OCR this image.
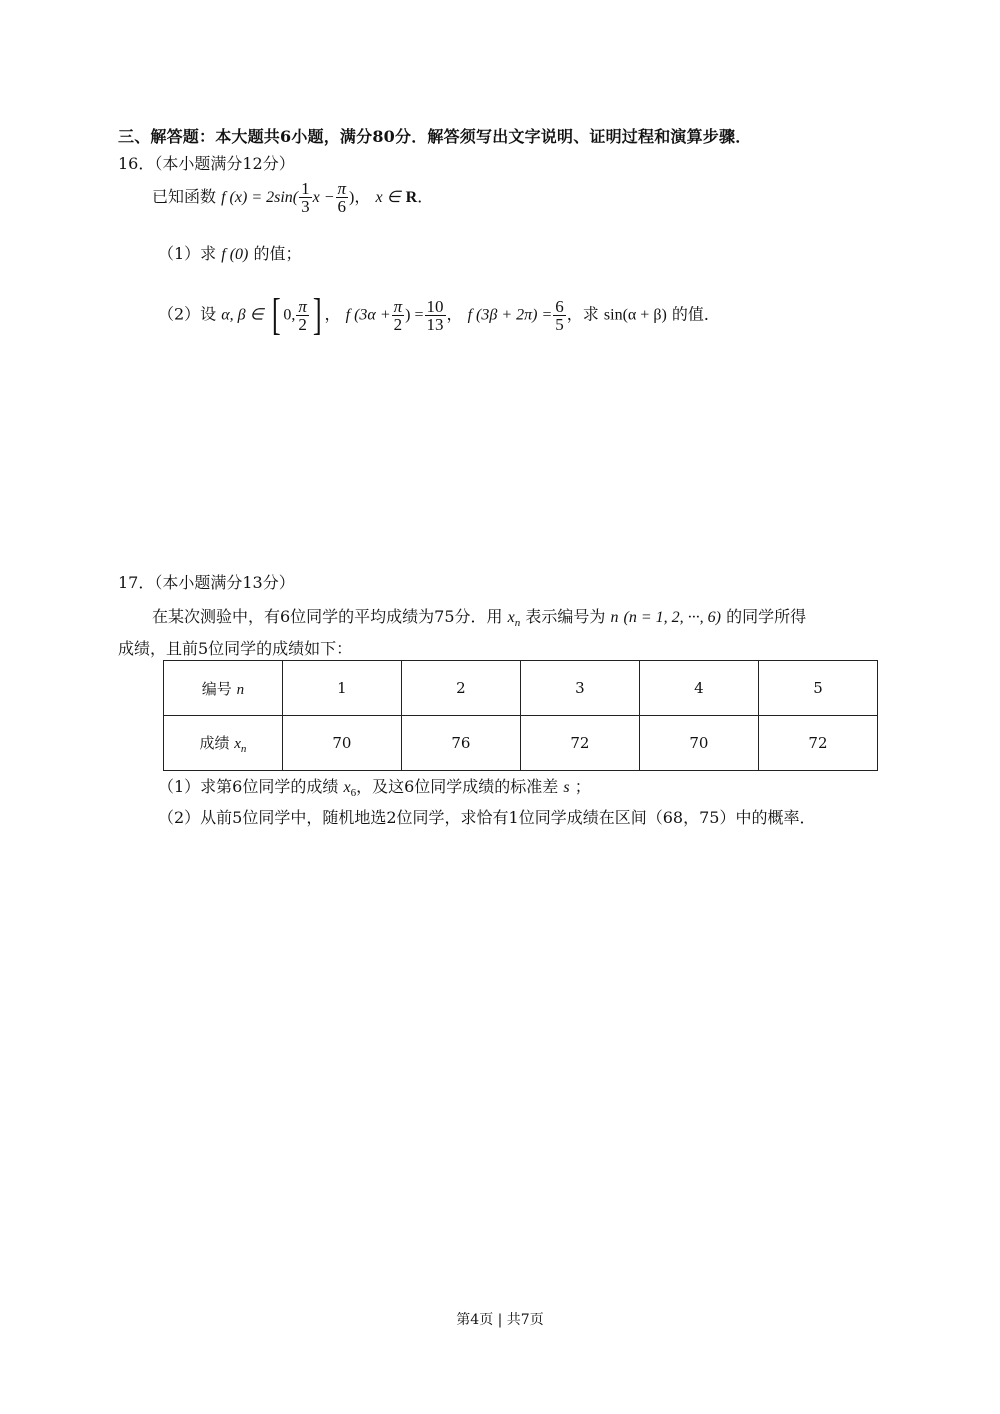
三、解答题：本大题共6小题，满分80分．解答须写出文字说明、证明过程和演算步骤．
16．（本小题满分12分）
已知函数 f $(x) = 2\sin( \frac{1}{3}$ $x - \frac{\pi}{6}$ )， x ∈ R．
（1）求 f (0) 的值；
（2）设 α, β ∈ [ 0, $\frac{\pi}{2}$ ] ， f ($3\alpha + \frac{\pi}{2}$ ) = $\frac{10}{13}$ ， f $(3\beta + 2\pi) = \frac{6}{5}$ ，求 sin(α + β) 的值．
17．（本小题满分13分）
在某次测验中，有6位同学的平均成绩为75分．用 $x_n$ 表示编号为 n (n = 1, 2, ···, 6) 的同学所得
成绩，且前5位同学的成绩如下：
编号 n	1	2	3	4	5
成绩 $x_n$	70	76	72	70	72
（1）求第6位同学的成绩 $x_6$，及这6位同学成绩的标准差 s ；
（2）从前5位同学中，随机地选2位同学，求恰有1位同学成绩在区间（68，75）中的概率．
第4页 | 共7页
